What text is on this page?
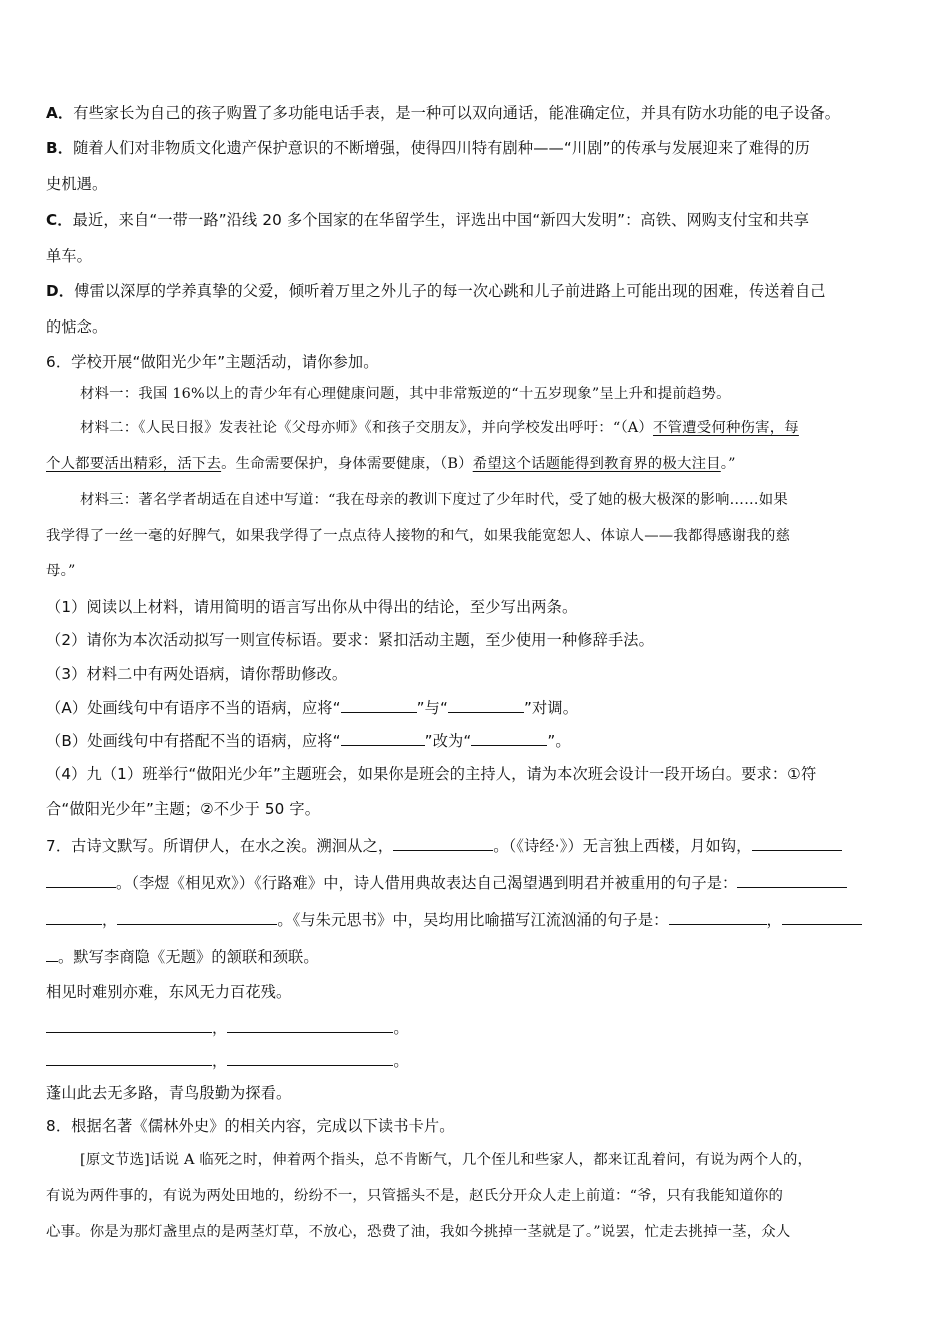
A．有些家长为自己的孩子购置了多功能电话手表，是一种可以双向通话，能准确定位，并具有防水功能的电子设备。
B．随着人们对非物质文化遗产保护意识的不断增强，使得四川特有剧种——“川剧”的传承与发展迎来了难得的历
史机遇。
C．最近，来自“一带一路”沿线 20 多个国家的在华留学生，评选出中国“新四大发明”：高铁、网购支付宝和共享
单车。
D．傅雷以深厚的学养真挚的父爱，倾听着万里之外儿子的每一次心跳和儿子前进路上可能出现的困难，传送着自己
的惦念。
6．学校开展“做阳光少年”主题活动，请你参加。
材料一：我国 16%以上的青少年有心理健康问题，其中非常叛逆的“十五岁现象”呈上升和提前趋势。
材料二：《人民日报》发表社论《父母亦师》《和孩子交朋友》，并向学校发出呼吁：“（A）不管遭受何种伤害，每
个人都要活出精彩，活下去。生命需要保护，身体需要健康，（B）希望这个话题能得到教育界的极大注目。”
材料三：著名学者胡适在自述中写道：“我在母亲的教训下度过了少年时代，受了她的极大极深的影响……如果
我学得了一丝一毫的好脾气，如果我学得了一点点待人接物的和气，如果我能宽恕人、体谅人——我都得感谢我的慈
母。”
（1）阅读以上材料，请用简明的语言写出你从中得出的结论，至少写出两条。
（2）请你为本次活动拟写一则宣传标语。要求：紧扣活动主题，至少使用一种修辞手法。
（3）材料二中有两处语病，请你帮助修改。
（A）处画线句中有语序不当的语病，应将“	”与“	”对调。
（B）处画线句中有搭配不当的语病，应将“	”改为“	”。
（4）九（1）班举行“做阳光少年”主题班会，如果你是班会的主持人，请为本次班会设计一段开场白。要求：①符
合“做阳光少年”主题；②不少于 50 字。
7．古诗文默写。所谓伊人，在水之涘。溯洄从之，	。（《诗经·》）无言独上西楼，月如钩，
。（李煜《相见欢》）《行路难》中，诗人借用典故表达自己渴望遇到明君并被重用的句子是：
，	。《与朱元思书》中，吴均用比喻描写江流汹涌的句子是：	，
。默写李商隐《无题》的颔联和颈联。
相见时难别亦难，东风无力百花残。
，	。
，	。
蓬山此去无多路，青鸟殷勤为探看。
8．根据名著《儒林外史》的相关内容，完成以下读书卡片。
[原文节选]话说 A 临死之时，伸着两个指头，总不肯断气，几个侄儿和些家人，都来讧乱着问，有说为两个人的，
有说为两件事的，有说为两处田地的，纷纷不一，只管摇头不是，赵氏分开众人走上前道：“爷，只有我能知道你的
心事。你是为那灯盏里点的是两茎灯草，不放心，恐费了油，我如今挑掉一茎就是了。”说罢，忙走去挑掉一茎，众人
